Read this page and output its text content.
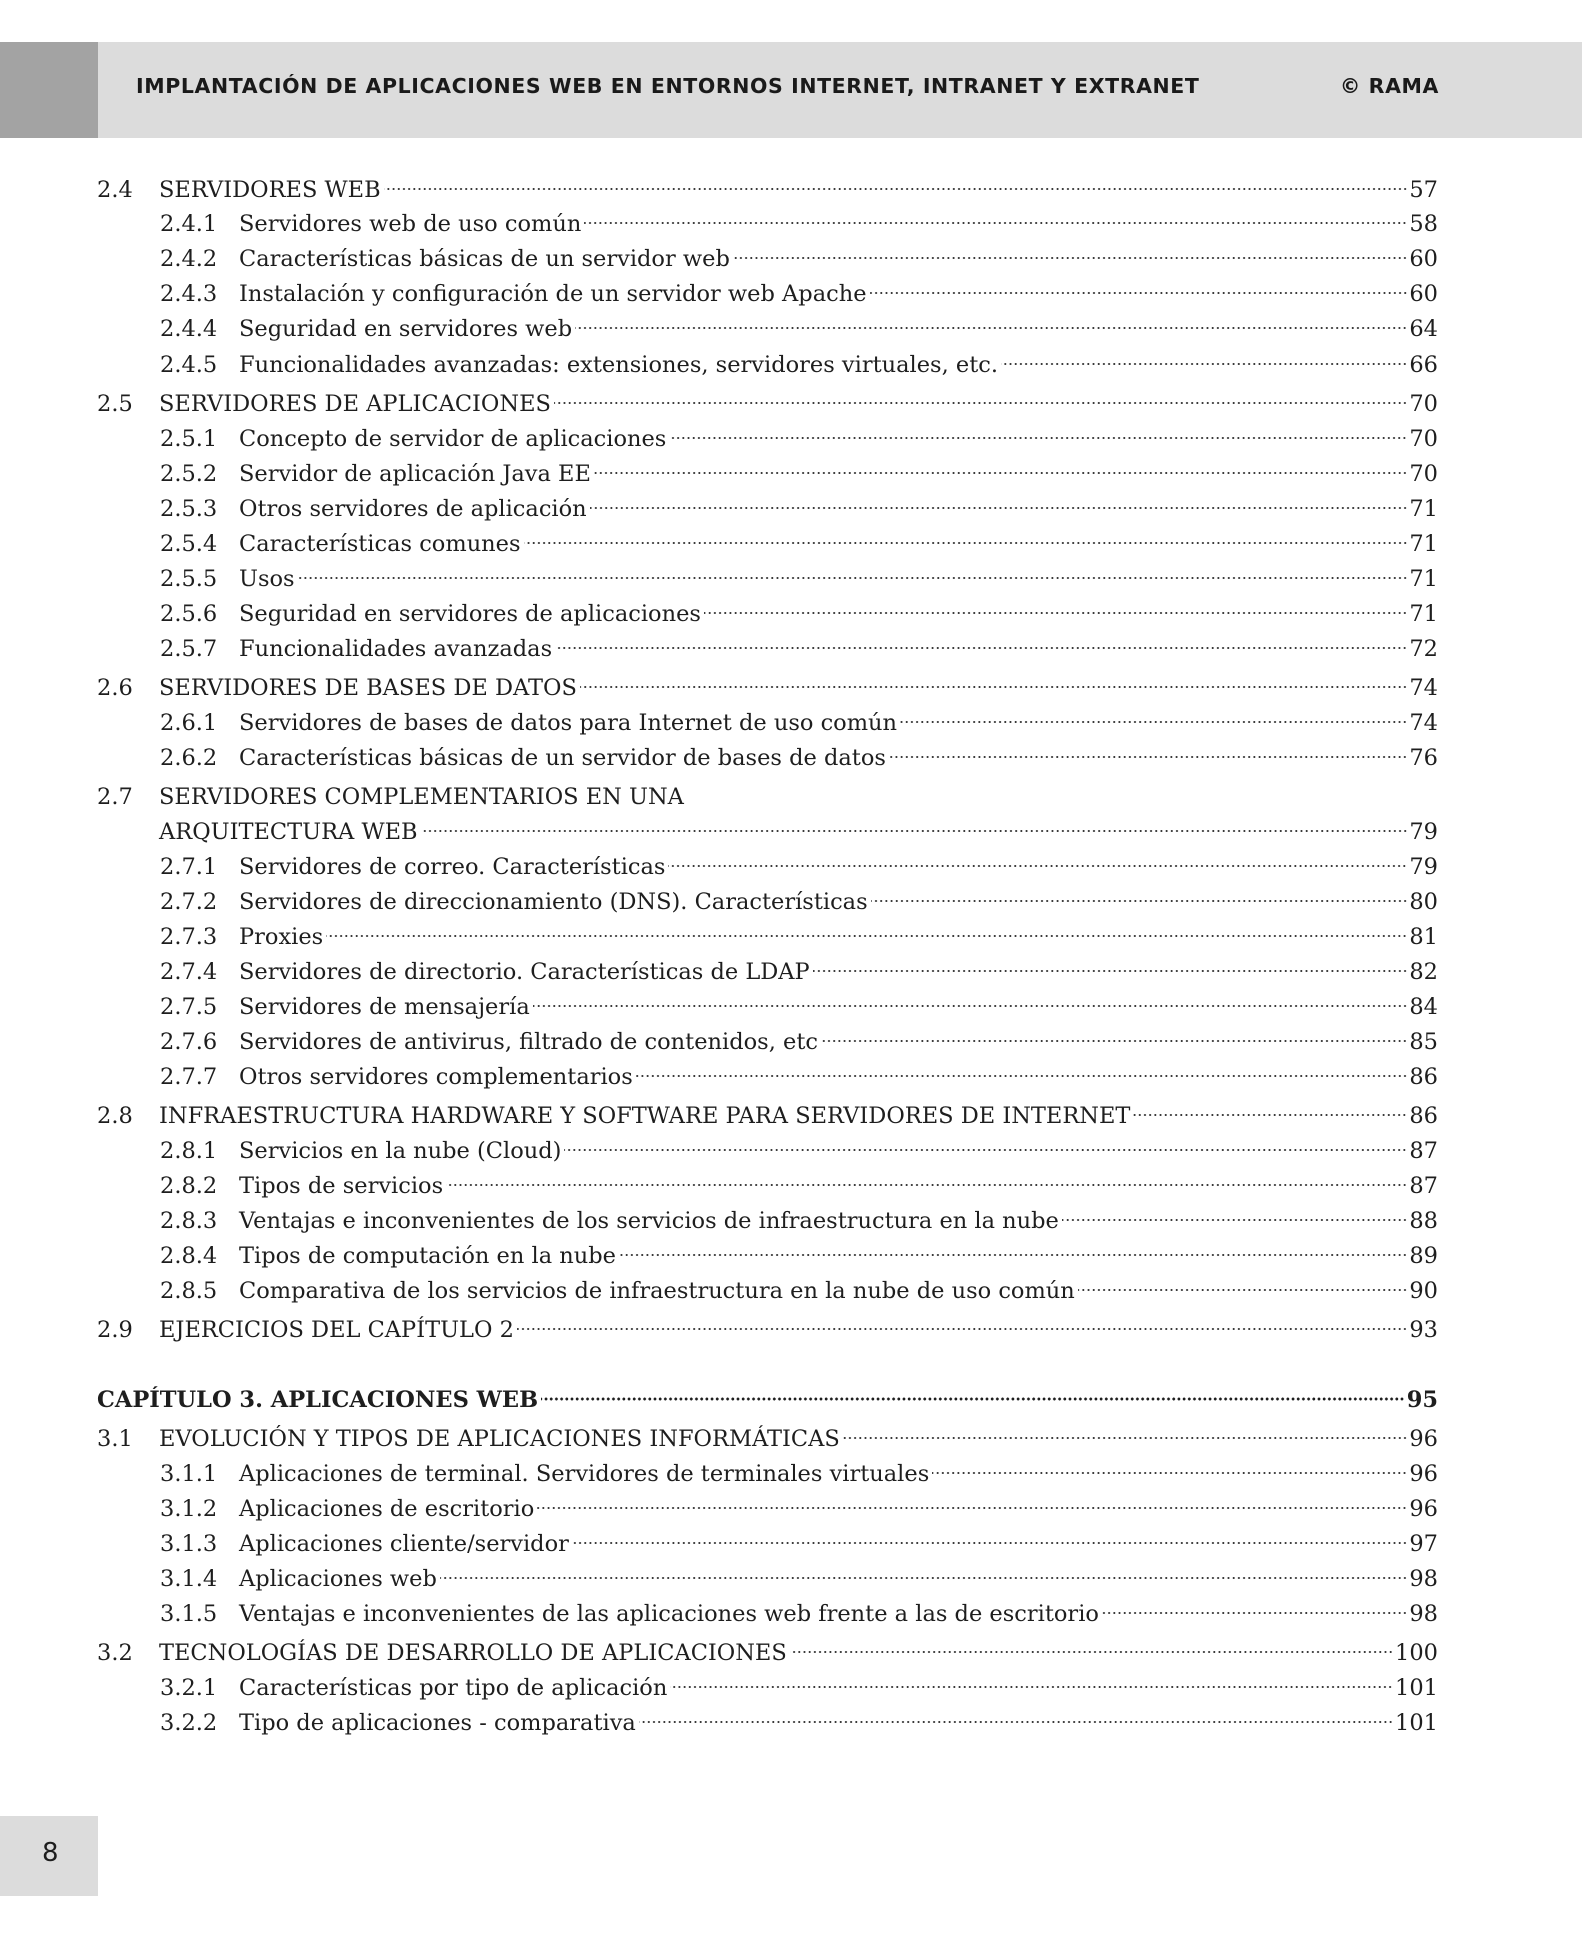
IMPLANTACIÓN DE APLICACIONES WEB EN ENTORNOS INTERNET, INTRANET Y EXTRANET	© RAMA
2.4	SERVIDORES WEB	57
2.4.1 Servidores web de uso común	58
2.4.2 Características básicas de un servidor web	60
2.4.3 Instalación y configuración de un servidor web Apache	60
2.4.4 Seguridad en servidores web	64
2.4.5 Funcionalidades avanzadas: extensiones, servidores virtuales, etc.	66
2.5	SERVIDORES DE APLICACIONES	70
2.5.1 Concepto de servidor de aplicaciones	70
2.5.2 Servidor de aplicación Java EE	70
2.5.3 Otros servidores de aplicación	71
2.5.4 Características comunes	71
2.5.5 Usos	71
2.5.6 Seguridad en servidores de aplicaciones	71
2.5.7 Funcionalidades avanzadas	72
2.6	SERVIDORES DE BASES DE DATOS	74
2.6.1 Servidores de bases de datos para Internet de uso común	74
2.6.2 Características básicas de un servidor de bases de datos	76
2.7	SERVIDORES COMPLEMENTARIOS EN UNA
ARQUITECTURA WEB	79
2.7.1 Servidores de correo. Características	79
2.7.2 Servidores de direccionamiento (DNS). Características	80
2.7.3 Proxies	81
2.7.4 Servidores de directorio. Características de LDAP	82
2.7.5 Servidores de mensajería	84
2.7.6 Servidores de antivirus, filtrado de contenidos, etc	85
2.7.7 Otros servidores complementarios	86
2.8	INFRAESTRUCTURA HARDWARE Y SOFTWARE PARA SERVIDORES DE INTERNET	86
2.8.1 Servicios en la nube (Cloud)	87
2.8.2 Tipos de servicios	87
2.8.3 Ventajas e inconvenientes de los servicios de infraestructura en la nube	88
2.8.4 Tipos de computación en la nube	89
2.8.5 Comparativa de los servicios de infraestructura en la nube de uso común	90
2.9	EJERCICIOS DEL CAPÍTULO 2	93
CAPÍTULO 3. APLICACIONES WEB	95
3.1	EVOLUCIÓN Y TIPOS DE APLICACIONES INFORMÁTICAS	96
3.1.1 Aplicaciones de terminal. Servidores de terminales virtuales	96
3.1.2 Aplicaciones de escritorio	96
3.1.3 Aplicaciones cliente/servidor	97
3.1.4 Aplicaciones web	98
3.1.5 Ventajas e inconvenientes de las aplicaciones web frente a las de escritorio	98
3.2	TECNOLOGÍAS DE DESARROLLO DE APLICACIONES	100
3.2.1 Características por tipo de aplicación	101
3.2.2 Tipo de aplicaciones - comparativa	101
8
